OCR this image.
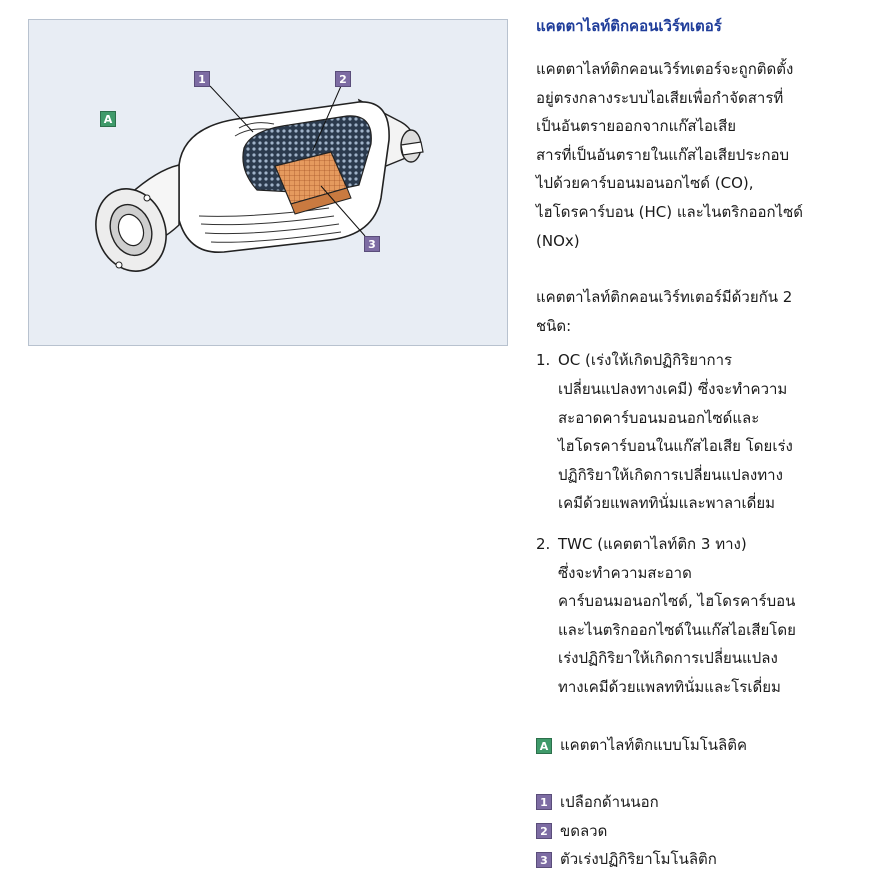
A
1	2
3
แคตตาไลท์ติกคอนเวิร์ทเตอร์

แคตตาไลท์ติกคอนเวิร์ทเตอร์จะถูกติดตั้ง
อยู่ตรงกลางระบบไอเสียเพื่อกำจัดสารที่
เป็นอันตรายออกจากแก๊สไอเสีย
สารที่เป็นอันตรายในแก๊สไอเสียประกอบ
ไปด้วยคาร์บอนมอนอกไซด์ (CO),
ไฮโดรคาร์บอน (HC) และไนตริกออกไซด์
(NOx)

แคตตาไลท์ติกคอนเวิร์ทเตอร์มีด้วยกัน 2
ชนิด:

1. OC (เร่งให้เกิดปฏิกิริยาการ
เปลี่ยนแปลงทางเคมี) ซึ่งจะทำความ
สะอาดคาร์บอนมอนอกไซด์และ
ไฮโดรคาร์บอนในแก๊สไอเสีย โดยเร่ง
ปฏิกิริยาให้เกิดการเปลี่ยนแปลงทาง
เคมีด้วยแพลททินั่มและพาลาเดี่ยม
2. TWC (แคตตาไลท์ติก 3 ทาง)
ซึ่งจะทำความสะอาด
คาร์บอนมอนอกไซด์, ไฮโดรคาร์บอน
และไนตริกออกไซด์ในแก๊สไอเสียโดย
เร่งปฏิกิริยาให้เกิดการเปลี่ยนแปลง
ทางเคมีด้วยแพลททินั่มและโรเดี่ยม
A แคตตาไลท์ติกแบบโมโนลิติค
1 เปลือกด้านนอก
2 ขดลวด
3 ตัวเร่งปฏิกิริยาโมโนลิติก
